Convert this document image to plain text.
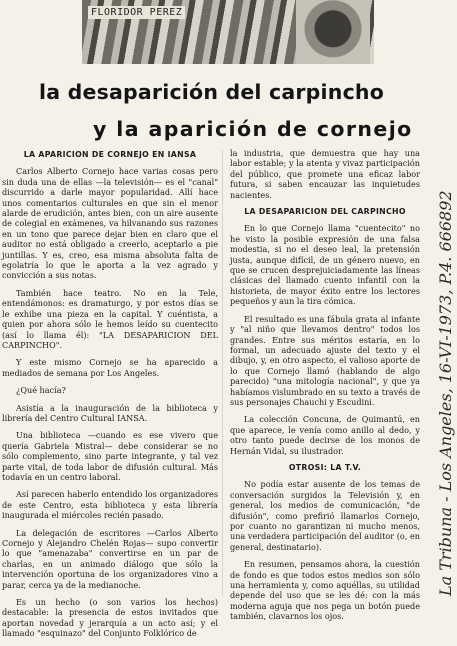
FLORIDOR PEREZ
la desaparición del carpincho
y la aparición de cornejo
LA APARICION DE CORNEJO EN IANSA

Carlos Alberto Cornejo hace varias cosas pero sin duda una de ellas —la televisión— es el "canal" discurrido a darle mayor popularidad. Allí hace unos comentarios culturales en que sin el menor alarde de erudición, antes bien, con un aire ausente de colegial en exámenes, va hilvanando sus razones en un tono que parece dejar bien en claro que el auditor no está obligado a creerlo, aceptarlo a pie juntillas. Y es, creo, esa misma absoluta falta de egolatría lo que le aporta a la vez agrado y convicción a sus notas.

También hace teatro. No en la Tele, entendámonos: es dramaturgo, y por estos días se le exhibe una pieza en la capital. Y cuéntista, a quien por ahora sólo le hemos leído su cuentecito (así lo llama él): "LA DESAPARICION DEL CARPINCHO".

Y este mismo Cornejo se ha aparecido a mediados de semana por Los Angeles.

¿Qué hacía?

Asistía a la inauguración de la biblioteca y librería del Centro Cultural IANSA.

Una biblioteca —cuando es ese vivero que quería Gabriela Mistral— debe considerar se no sólo complemento, sino parte integrante, y tal vez parte vital, de toda labor de difusión cultural. Más todavía en un centro laboral.

Así parecen haberlo entendido los organizadores de este Centro, esta biblioteca y esta librería inaugurada el miércoles recién pasado.

La delegación de escritores —Carlos Alberto Cornejo y Alejandro Chelén Rojas— supo convertir lo que "amenazaba" convertirse en un par de charlas, en un animado diálogo que sólo la intervención oportuna de los organizadores vino a parar, cerca ya de la medianoche.

Es un hecho (o son varios los hechos) destacable: la presencia de estos invitados que aportan novedad y jerarquía a un acto así; y el llamado "esquinazo" del Conjunto Folklórico de

la industria, que demuestra que hay una labor estable; y la atenta y vivaz participación del público, que promete una eficaz labor futura, si saben encauzar las inquietudes nacientes.

LA DESAPARICION DEL CARPINCHO

En lo que Cornejo llama "cuentecito" no he visto la posible expresión de una falsa modestia, si no el deseo leal, la pretensión justa, aunque difícil, de un género nuevo, en que se crucen desprejuiciadamente las líneas clásicas del llamado cuento infantil con la historieta, de mayor éxito entre los lectores pequeños y aun la tira cómica.

El resultado es una fábula grata al infante y "al niño que llevamos dentro" todos los grandes. Entre sus méritos estaría, en lo formal, un adecuado ajuste del texto y el dibujo, y, en otro aspecto, el valioso aporte de lo que Cornejo llamó (hablando de algo parecido) "una mitología nacional", y que ya habíamos vislumbrado en su texto a través de sus personajes Chauchi y Escudini.

La colección Concuna, de Quimantú, en que aparece, le venía como anillo al dedo, y otro tanto puede decirse de los monos de Hernán Vidal, su ilustrador.

OTROSI: LA T.V.

No podía estar ausente de los temas de conversación surgidos la Televisión y, en general, los medios de comunicación, "de difusión", como prefirió llamarlos Cornejo, por cuanto no garantizan ni mucho menos, una verdadera participación del auditor (o, en general, destinatario).

En resumen, pensamos ahora, la cuestión de fondo es que todos estos medios son sólo una herramienta y, como aquéllas, su utilidad depende del uso que se les dé: con la más moderna aguja que nos pega un botón puede también, clavarnos los ojos.

La Tribuna - Los Angeles, 16-VI-1973, P.4. 666892
